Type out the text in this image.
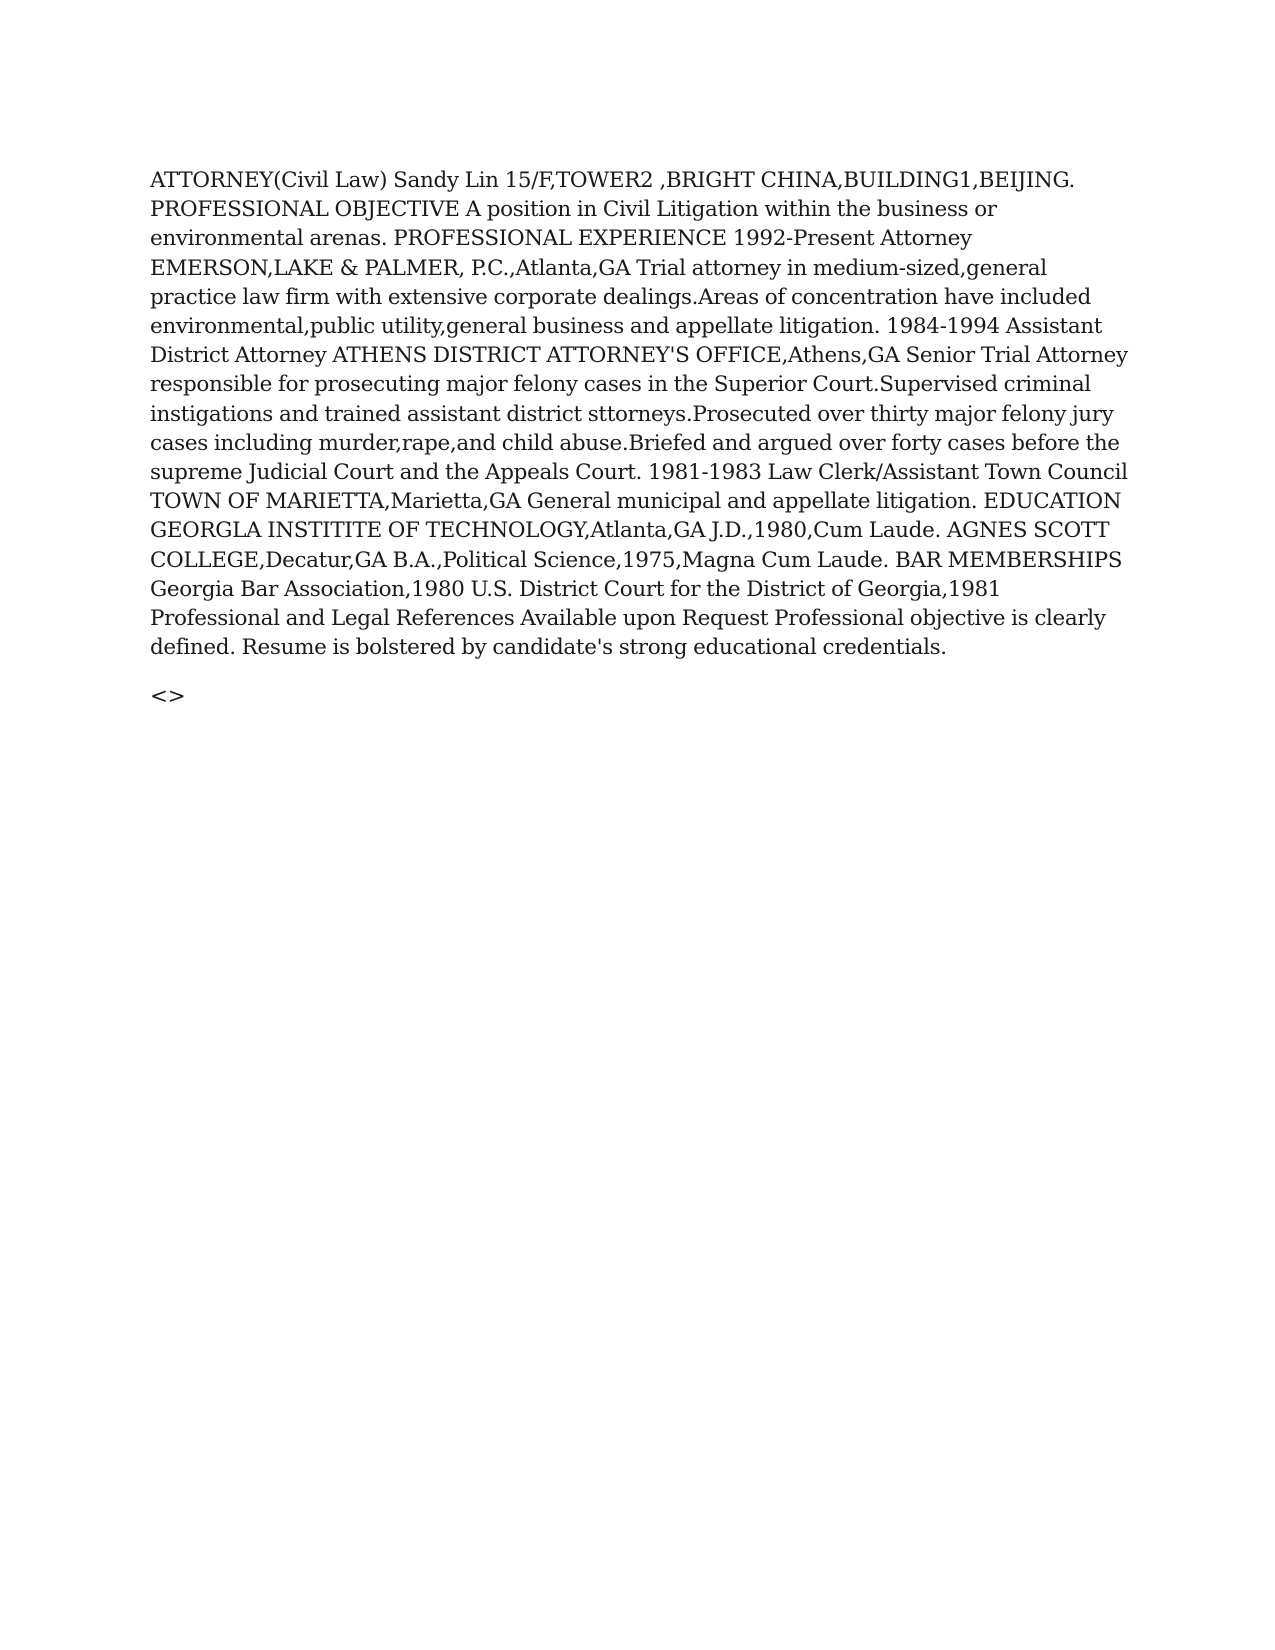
ATTORNEY(Civil Law) Sandy Lin 15/F,TOWER2 ,BRIGHT CHINA,BUILDING1,BEIJING. PROFESSIONAL OBJECTIVE A position in Civil Litigation within the business or environmental arenas. PROFESSIONAL EXPERIENCE 1992-Present Attorney EMERSON,LAKE & PALMER, P.C.,Atlanta,GA Trial attorney in medium-sized,general practice law firm with extensive corporate dealings.Areas of concentration have included environmental,public utility,general business and appellate litigation. 1984-1994 Assistant District Attorney ATHENS DISTRICT ATTORNEY'S OFFICE,Athens,GA Senior Trial Attorney responsible for prosecuting major felony cases in the Superior Court.Supervised criminal instigations and trained assistant district sttorneys.Prosecuted over thirty major felony jury cases including murder,rape,and child abuse.Briefed and argued over forty cases before the supreme Judicial Court and the Appeals Court. 1981-1983 Law Clerk/Assistant Town Council TOWN OF MARIETTA,Marietta,GA General municipal and appellate litigation. EDUCATION GEORGLA INSTITITE OF TECHNOLOGY,Atlanta,GA J.D.,1980,Cum Laude. AGNES SCOTT COLLEGE,Decatur,GA B.A.,Political Science,1975,Magna Cum Laude. BAR MEMBERSHIPS Georgia Bar Association,1980 U.S. District Court for the District of Georgia,1981 Professional and Legal References Available upon Request Professional objective is clearly defined. Resume is bolstered by candidate's strong educational credentials.

<>
